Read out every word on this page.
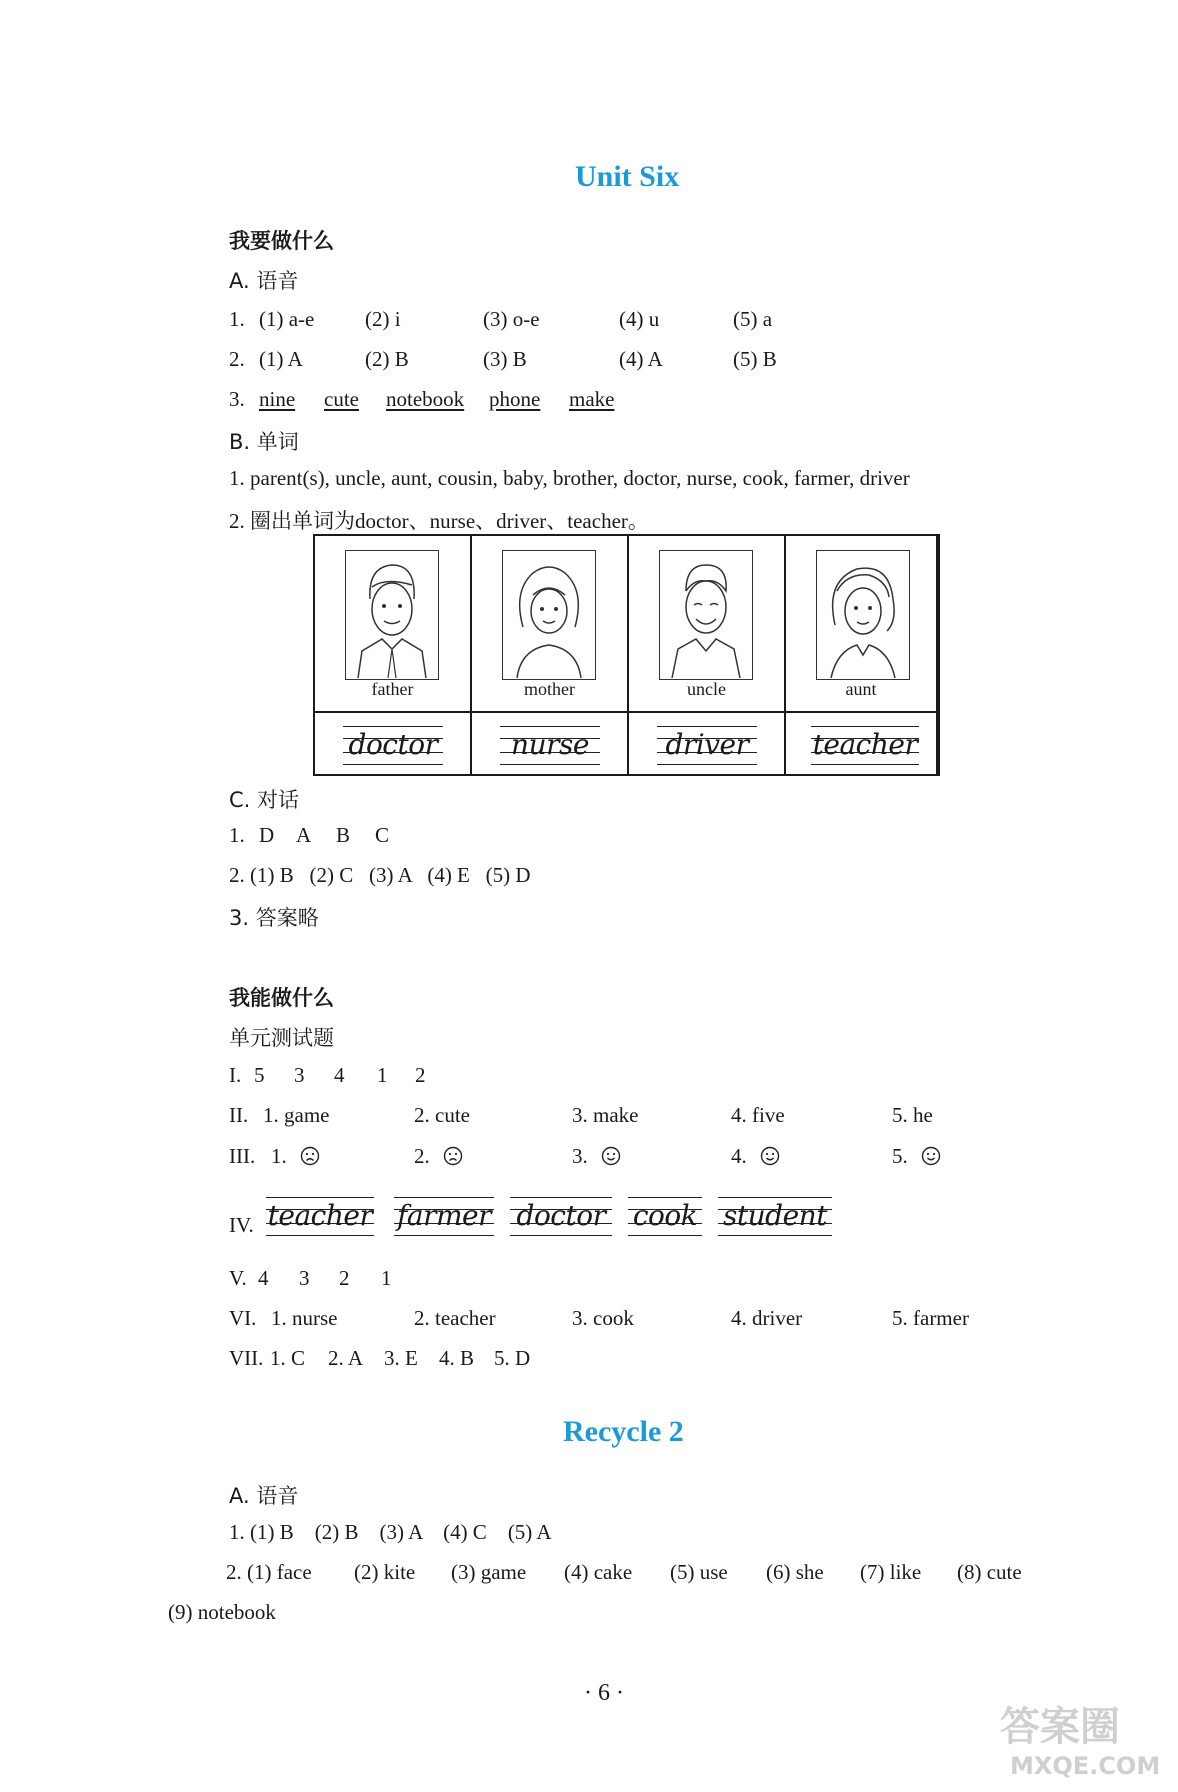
Unit Six
我要做什么
A. 语音
1. (1) a-e (2) i	(3) o-e	(4) u	(5) a
2. (1) A	(2) B	(3) B	(4) A	(5) B
3. nine cute notebook phone make
B. 单词
1. parent(s), uncle, aunt, cousin, baby, brother, doctor, nurse, cook, farmer, driver
2. 圈出单词为doctor、nurse、driver、teacher。
father	mother	uncle	aunt
doctor	nurse	driver	teacher
C. 对话
1. D A B C
2. (1) B   (2) C   (3) A   (4) E   (5) D
3. 答案略
我能做什么
单元测试题
I. 5 3 4 1 2
II. 1. game	2. cute	3. make	4. five	5. he
III. 1.	2.	3.	4.	5.
IV. teacher farmer doctor cook student
V. 4 3 2 1
VI. 1. nurse	2. teacher	3. cook	4. driver	5. farmer
VII. 1. C 2. A 3. E 4. B 5. D
Recycle 2
A. 语音
1. (1) B    (2) B    (3) A    (4) C    (5) A
2. (1) face (2) kite (3) game (4) cake (5) use (6) she (7) like (8) cute
(9) notebook
· 6 ·
答案圈
MXQE.COM
